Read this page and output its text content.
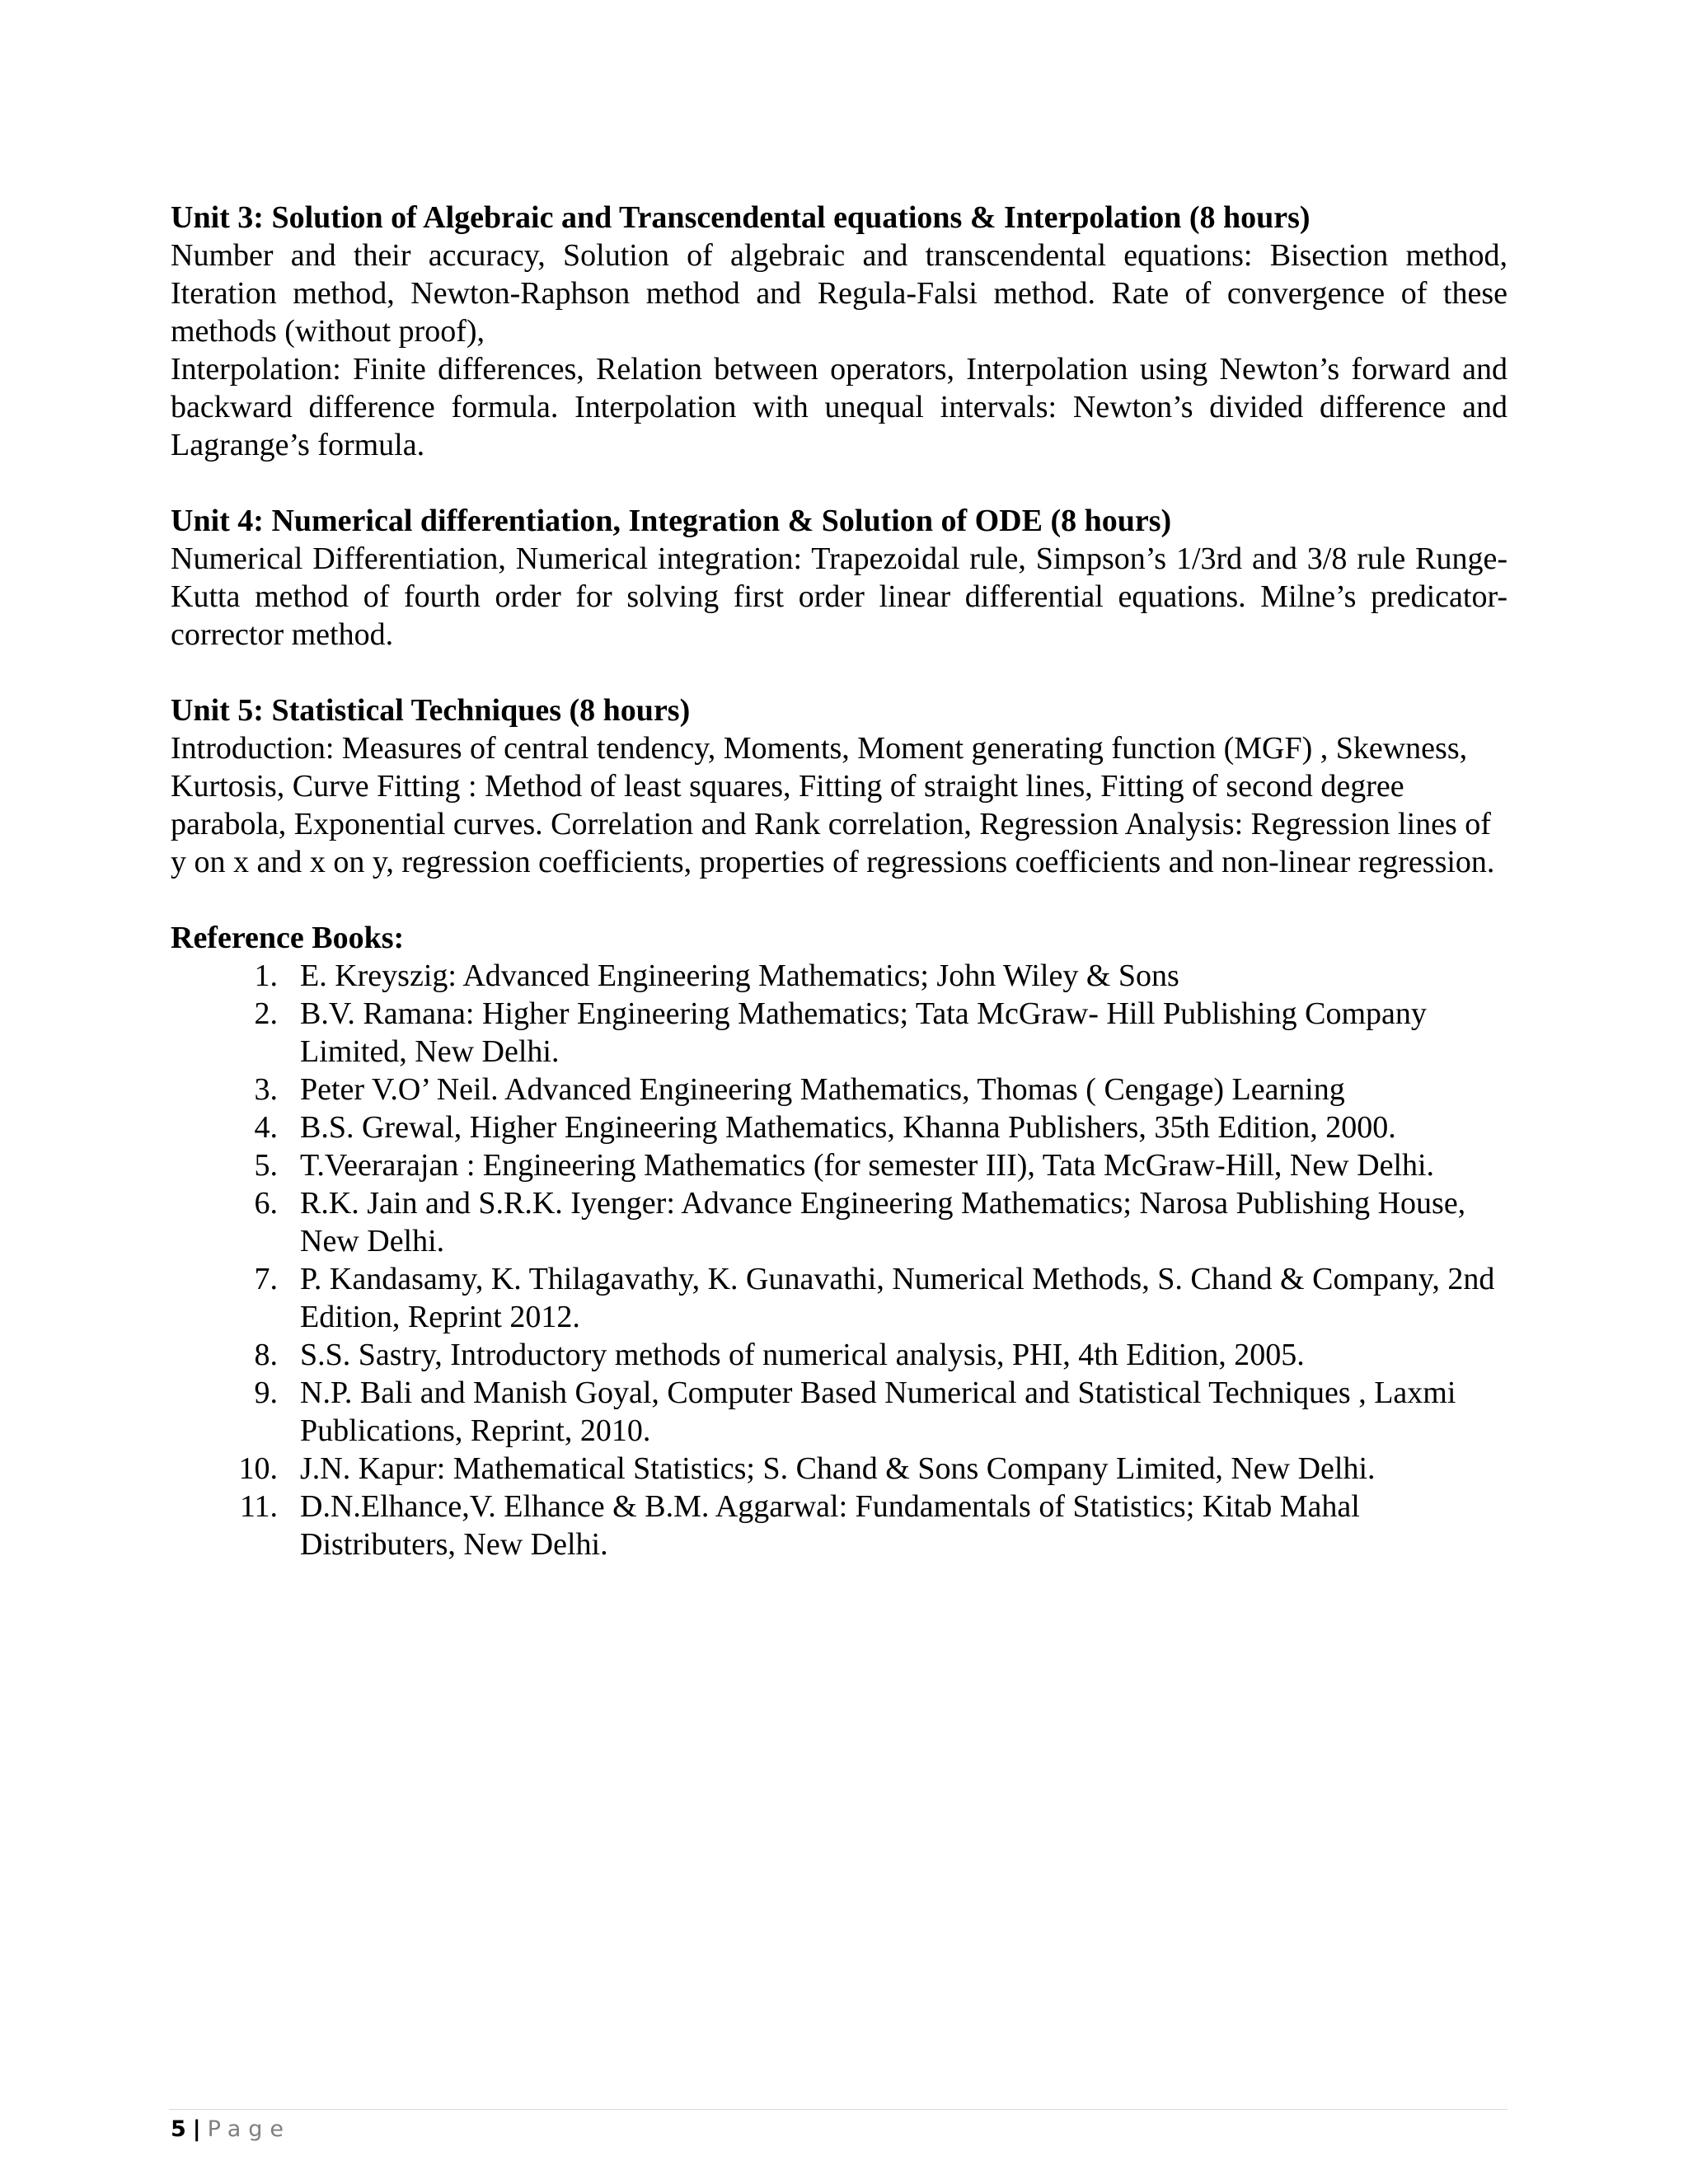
Unit 3: Solution of Algebraic and Transcendental equations & Interpolation (8 hours)

Number and their accuracy, Solution of algebraic and transcendental equations: Bisection method, Iteration method, Newton-Raphson method and Regula-Falsi method. Rate of convergence of these methods (without proof),

Interpolation: Finite differences, Relation between operators, Interpolation using Newton’s forward and backward difference formula. Interpolation with unequal intervals: Newton’s divided difference and Lagrange’s formula.

Unit 4: Numerical differentiation, Integration & Solution of ODE (8 hours)

Numerical Differentiation, Numerical integration: Trapezoidal rule, Simpson’s 1/3rd and 3/8 rule Runge- Kutta method of fourth order for solving first order linear differential equations. Milne’s predicator-corrector method.

Unit 5: Statistical Techniques (8 hours)

Introduction: Measures of central tendency, Moments, Moment generating function (MGF) , Skewness, Kurtosis, Curve Fitting : Method of least squares, Fitting of straight lines, Fitting of second degree parabola, Exponential curves. Correlation and Rank correlation, Regression Analysis: Regression lines of y on x and x on y, regression coefficients, properties of regressions coefficients and non-linear regression.

Reference Books:

1. E. Kreyszig: Advanced Engineering Mathematics; John Wiley & Sons
2. B.V. Ramana: Higher Engineering Mathematics; Tata McGraw- Hill Publishing Company Limited, New Delhi.
3. Peter V.O’ Neil. Advanced Engineering Mathematics, Thomas ( Cengage) Learning
4. B.S. Grewal, Higher Engineering Mathematics, Khanna Publishers, 35th Edition, 2000.
5. T.Veerarajan : Engineering Mathematics (for semester III), Tata McGraw-Hill, New Delhi.
6. R.K. Jain and S.R.K. Iyenger: Advance Engineering Mathematics; Narosa Publishing House, New Delhi.
7. P. Kandasamy, K. Thilagavathy, K. Gunavathi, Numerical Methods, S. Chand & Company, 2nd Edition, Reprint 2012.
8. S.S. Sastry, Introductory methods of numerical analysis, PHI, 4th Edition, 2005.
9. N.P. Bali and Manish Goyal, Computer Based Numerical and Statistical Techniques , Laxmi Publications, Reprint, 2010.
10. J.N. Kapur: Mathematical Statistics; S. Chand & Sons Company Limited, New Delhi.
11. D.N.Elhance,V. Elhance & B.M. Aggarwal: Fundamentals of Statistics; Kitab Mahal Distributers, New Delhi.
5 | Page
